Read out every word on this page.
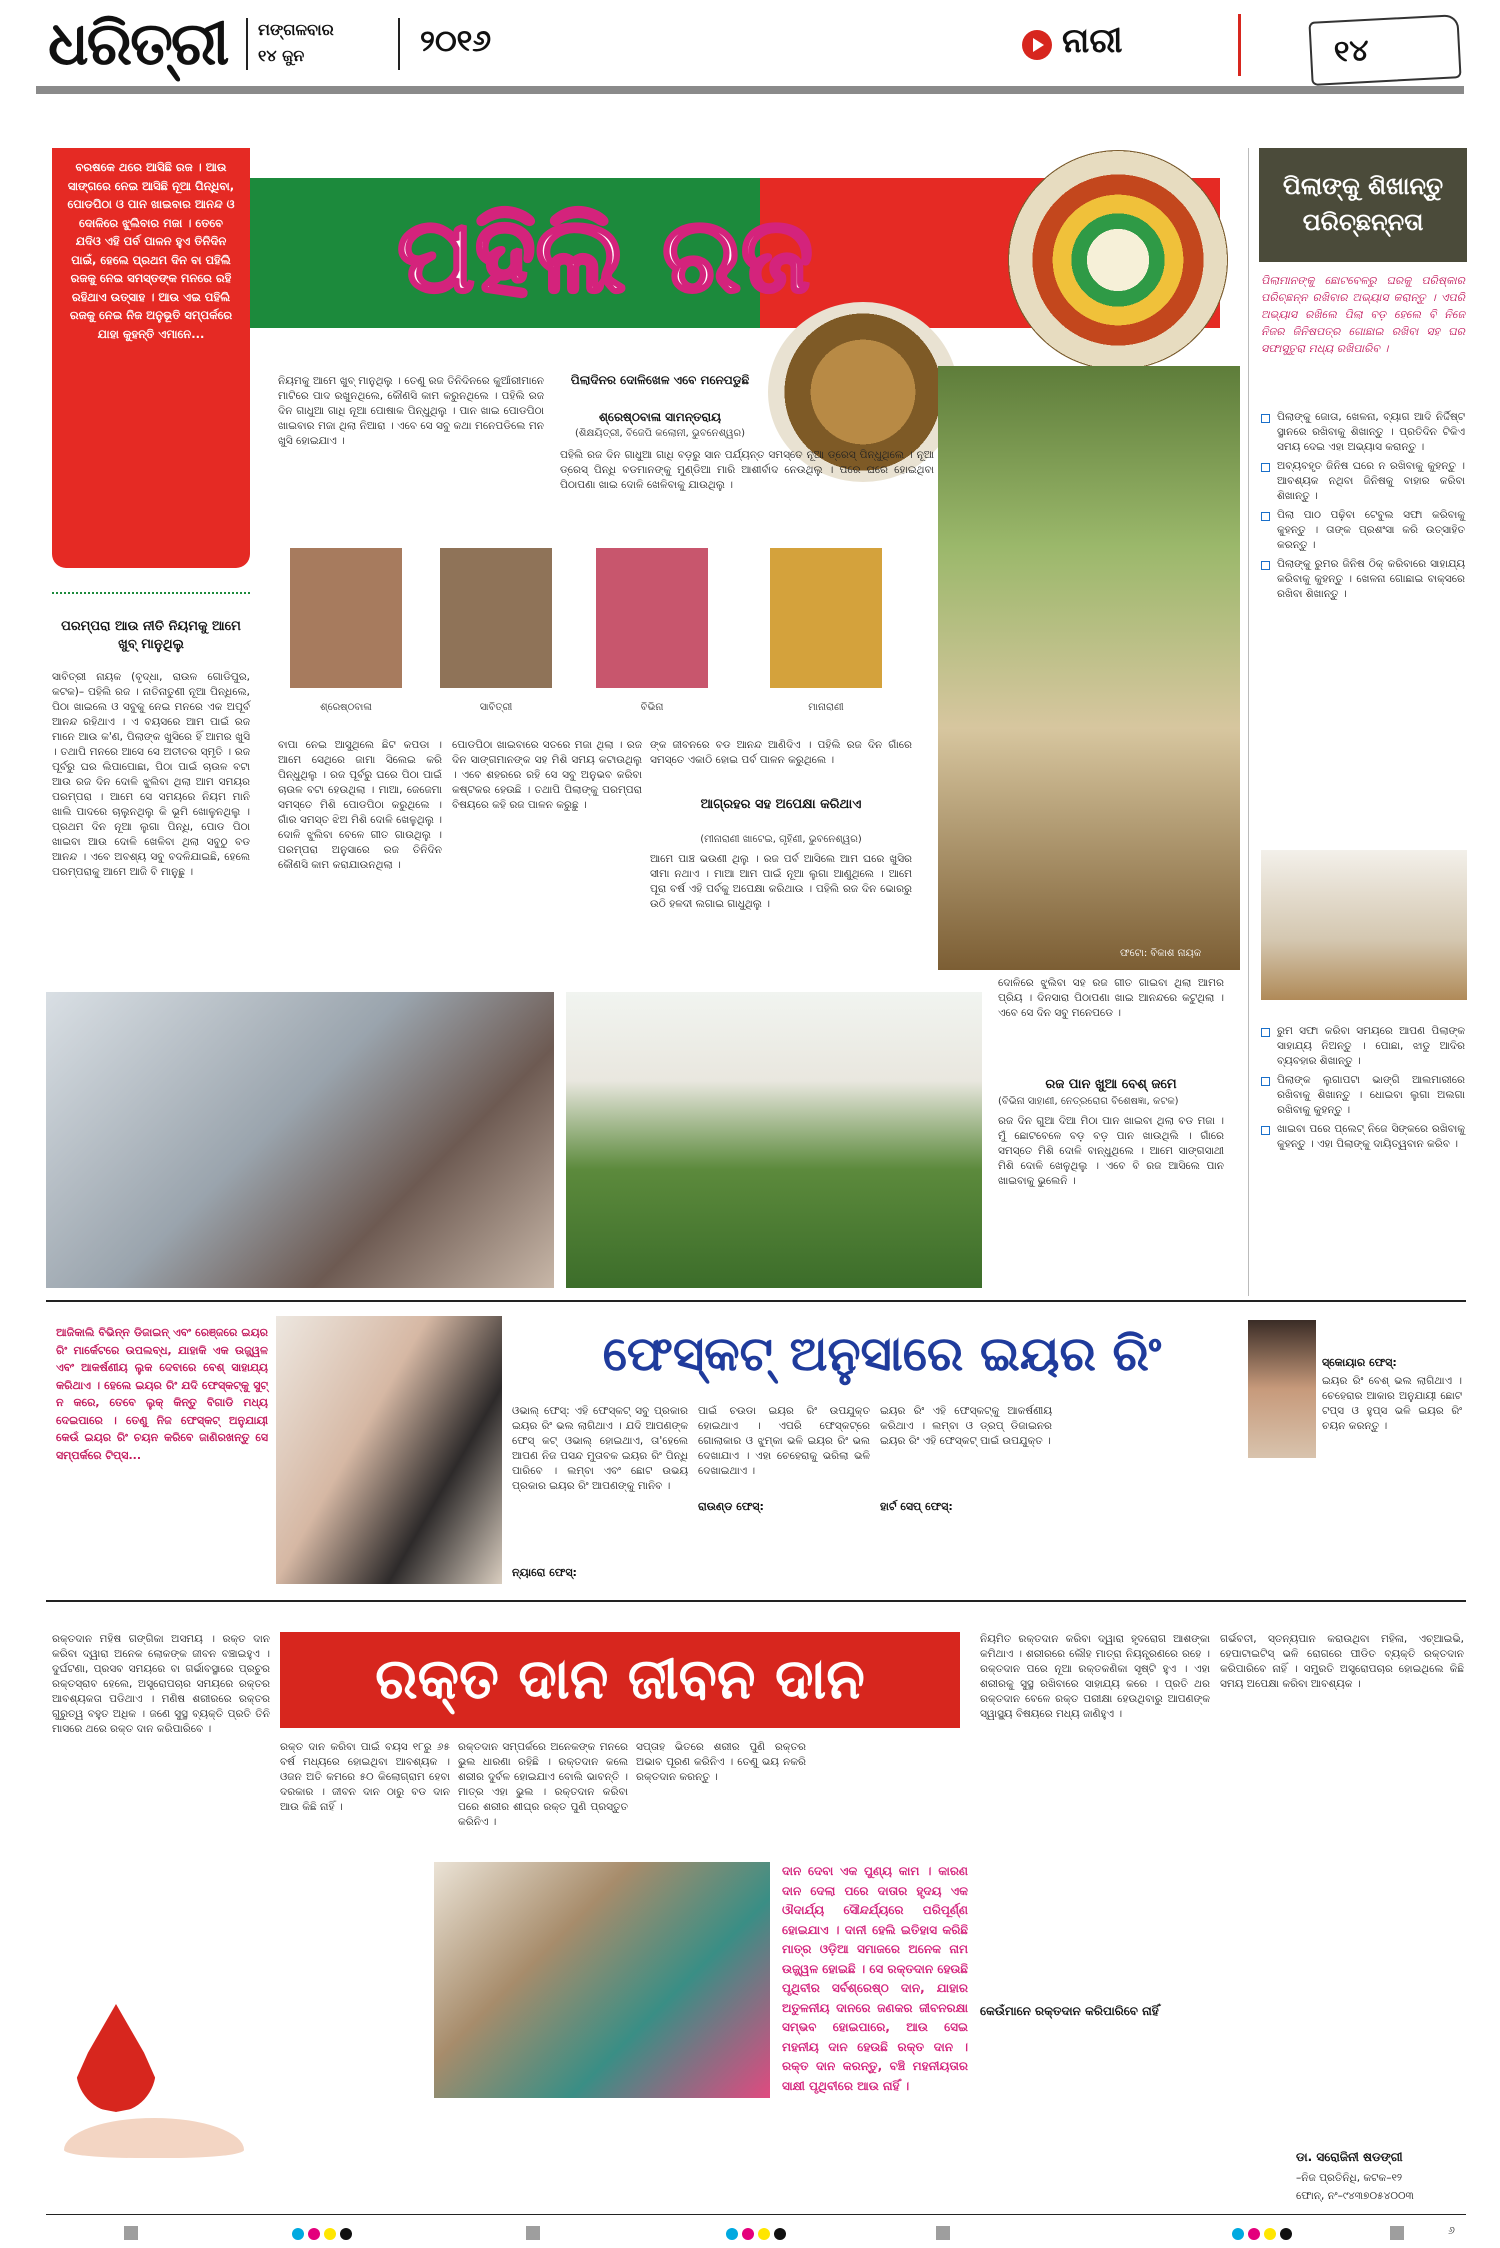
ଧରିତ୍ରୀ	ମଙ୍ଗଳବାର
୧୪ ଜୁନ	୨୦୧୬	ନାରୀ	୧୪
ପହିଲି ରଜ
ବରଷକେ ଥରେ ଆସିଛି ରଜ । ଆଉ ସାଙ୍ଗରେ ନେଇ ଆସିଛି ନୂଆ ପିନ୍ଧିବା, ପୋଡପିଠା ଓ ପାନ ଖାଇବାର ଆନନ୍ଦ ଓ ଦୋଳିରେ ଝୁଲିବାର ମଜା । ତେବେ ଯଦିଓ ଏହି ପର୍ବ ପାଳନ ହୁଏ ତିନିଦିନ ପାଇଁ, ହେଲେ ପ୍ରଥମ ଦିନ ବା ପହିଲି ରଜକୁ ନେଇ ସମସ୍ତଙ୍କ ମନରେ ରହି ରହିଥାଏ ଉତ୍ସାହ । ଆଉ ଏଇ ପହିଲି ରଜକୁ ନେଇ ନିଜ ଅନୁଭୂତି ସମ୍ପର୍କରେ ଯାହା କୁହନ୍ତି ଏମାନେ...
ପରମ୍ପରା ଆଉ ନୀତି ନିୟମକୁ ଆମେ ଖୁବ୍ ମାନୁଥିଲୁ
ସାବିତ୍ରୀ ନାୟକ (ବୃଦ୍ଧା, ରାଉଳ ଗୋଡିପୁର, କଟକ)– ପହିଲି ରଜ । ନାତିନାତୁଣୀ ନୂଆ ପିନ୍ଧିଲେ, ପିଠା ଖାଇଲେ ଓ ସବୁକୁ ନେଇ ମନରେ ଏକ ଅପୂର୍ବ ଆନନ୍ଦ ରହିଥାଏ । ଏ ବୟସରେ ଆମ ପାଇଁ ରଜ ମାନେ ଆଉ କ'ଣ, ପିଲାଙ୍କ ଖୁସିରେ ହିଁ ଆମର ଖୁସି । ତଥାପି ମନରେ ଆସେ ସେ ଅତୀତର ସ୍ମୃତି । ରଜ ପୂର୍ବରୁ ଘର ଲିପାପୋଛା, ପିଠା ପାଇଁ ଚାଉଳ ବଟା ଆଉ ରଜ ଦିନ ଦୋଳି ଝୁଲିବା ଥିଲା ଆମ ସମୟର ପରମ୍ପରା । ଆମେ ସେ ସମୟରେ ନିୟମ ମାନି ଖାଲି ପାଦରେ ଚାଲୁନଥିଲୁ କି ଭୂମି ଖୋଳୁନଥିଲୁ । ପ୍ରଥମ ଦିନ ନୂଆ ଲୁଗା ପିନ୍ଧି, ପୋଡ ପିଠା ଖାଇବା ଆଉ ଦୋଳି ଖେଳିବା ଥିଲା ସବୁଠୁ ବଡ ଆନନ୍ଦ । ଏବେ ଅବଶ୍ୟ ସବୁ ବଦଳିଯାଇଛି, ହେଲେ ପରମ୍ପରାକୁ ଆମେ ଆଜି ବି ମାନୁଛୁ ।
ପିଲାଦିନର ଦୋଳିଖେଳ ଏବେ ମନେପଡୁଛି
ଶ୍ରେଷ୍ଠବାଳା ସାମନ୍ତରାୟ
(ଶିକ୍ଷୟିତ୍ରୀ, ବିଜେପି କଲୋନୀ, ଭୁବନେଶ୍ୱର)
ନିୟମକୁ ଆମେ ଖୁବ୍ ମାନୁଥିଲୁ । ତେଣୁ ରଜ ତିନିଦିନରେ କୁଆଁରୀମାନେ ମାଟିରେ ପାଦ ରଖୁନଥିଲେ, କୌଣସି କାମ କରୁନଥିଲେ । ପହିଲି ରଜ ଦିନ ଗାଧୁଆ ଗାଧି ନୂଆ ପୋଷାକ ପିନ୍ଧୁଥିଲୁ । ପାନ ଖାଇ ପୋଡପିଠା ଖାଇବାର ମଜା ଥିଲା ନିଆରା । ଏବେ ସେ ସବୁ କଥା ମନେପଡିଲେ ମନ ଖୁସି ହୋଇଯାଏ ।
ପହିଲି ରଜ ଦିନ ଗାଧୁଆ ଗାଧି ବଡ଼ରୁ ସାନ ପର୍ଯ୍ୟନ୍ତ ସମସ୍ତେ ନୂଆ ଡ୍ରେସ୍ ପିନ୍ଧୁଥିଲେ । ନୂଆ ଡ୍ରେସ୍ ପିନ୍ଧି ବଡମାନଙ୍କୁ ମୁଣ୍ଡିଆ ମାରି ଆଶୀର୍ବାଦ ନେଉଥିଲୁ । ପରେ ଘରେ ହୋଇଥିବା ପିଠାପଣା ଖାଇ ଦୋଳି ଖେଳିବାକୁ ଯାଉଥିଲୁ ।
ଶ୍ରେଷ୍ଠବାଳା	ସାବିତ୍ରୀ	ବିଭିନା	ମାନାରାଣୀ
ବାପା ନେଇ ଆସୁଥିଲେ ଛିଟ କପଡା । ଆମେ ସେଥିରେ ଜାମା ସିଲେଇ କରି ପିନ୍ଧୁଥିଲୁ । ରଜ ପୂର୍ବରୁ ଘରେ ପିଠା ପାଇଁ ଚାଉଳ ବଟା ହେଉଥିଲା । ମାଆ, ଜେଜେମା ସମସ୍ତେ ମିଶି ପୋଡପିଠା କରୁଥିଲେ । ଗାଁର ସମସ୍ତ ଝିଅ ମିଶି ଦୋଳି ଖେଳୁଥିଲୁ । ଦୋଳି ଝୁଲିବା ବେଳେ ଗୀତ ଗାଉଥିଲୁ । ପରମ୍ପରା ଅନୁସାରେ ରଜ ତିନିଦିନ କୌଣସି କାମ କରାଯାଉନଥିଲା ।
ପୋଡପିଠା ଖାଇବାରେ ସତରେ ମଜା ଥିଲା । ରଜ ଦିନ ସାଙ୍ଗମାନଙ୍କ ସହ ମିଶି ସମୟ କଟାଉଥିଲୁ । ଏବେ ଶହରରେ ରହି ସେ ସବୁ ଅନୁଭବ କରିବା କଷ୍ଟକର ହେଉଛି । ତଥାପି ପିଲାଙ୍କୁ ପରମ୍ପରା ବିଷୟରେ କହି ରଜ ପାଳନ କରୁଛୁ ।
ଙ୍କ ଜୀବନରେ ବଡ ଆନନ୍ଦ ଆଣିଦିଏ । ପହିଲି ରଜ ଦିନ ଗାଁରେ ସମସ୍ତେ ଏକାଠି ହୋଇ ପର୍ବ ପାଳନ କରୁଥିଲେ ।
ଆଗ୍ରହର ସହ ଅପେକ୍ଷା କରିଥାଏ
(ମୀନାରାଣୀ ଖାଟେଇ, ଗୃହିଣୀ, ଭୁବନେଶ୍ୱର)
ଆମେ ପାଞ୍ଚ ଭଉଣୀ ଥିଲୁ । ରଜ ପର୍ବ ଆସିଲେ ଆମ ଘରେ ଖୁସିର ସୀମା ନଥାଏ । ମାଆ ଆମ ପାଇଁ ନୂଆ ଲୁଗା ଆଣୁଥିଲେ । ଆମେ ପୂରା ବର୍ଷ ଏହି ପର୍ବକୁ ଅପେକ୍ଷା କରିଥାଉ । ପହିଲି ରଜ ଦିନ ଭୋରରୁ ଉଠି ହଳଦୀ ଲଗାଇ ଗାଧୁଥିଲୁ ।
ଫଟୋ: ବିକାଶ ନାୟକ
ଦୋଳିରେ ଝୁଲିବା ସହ ରଜ ଗୀତ ଗାଇବା ଥିଲା ଆମର ପ୍ରିୟ । ଦିନସାରା ପିଠାପଣା ଖାଇ ଆନନ୍ଦରେ କଟୁଥିଲା । ଏବେ ସେ ଦିନ ସବୁ ମନେପଡେ ।
ରଜ ପାନ ଖୁଆ ବେଶ୍ ଜମେ
(ବିଭିନା ସାହାଣୀ, ନେତ୍ରରୋଗ ବିଶେଷଜ୍ଞା, କଟକ)
ରଜ ଦିନ ଗୁଆ ଦିଆ ମିଠା ପାନ ଖାଇବା ଥିଲା ବଡ ମଜା । ମୁଁ ଛୋଟବେଳେ ବଡ଼ ବଡ଼ ପାନ ଖାଉଥିଲି । ଗାଁରେ ସମସ୍ତେ ମିଶି ଦୋଳି ବାନ୍ଧୁଥିଲେ । ଆମେ ସାଙ୍ଗସାଥୀ ମିଶି ଦୋଳି ଖେଳୁଥିଲୁ । ଏବେ ବି ରଜ ଆସିଲେ ପାନ ଖାଇବାକୁ ଭୁଲେନି ।
ପିଲାଙ୍କୁ ଶିଖାନ୍ତୁ ପରିଚ୍ଛନ୍ନତା
ପିଲାମାନଙ୍କୁ ଛୋଟବେଳରୁ ଘରକୁ ପରିଷ୍କାର ପରିଚ୍ଛନ୍ନ ରଖିବାର ଅଭ୍ୟାସ କରାନ୍ତୁ । ଏପରି ଅଭ୍ୟାସ ରଖିଲେ ପିଲା ବଡ଼ ହେଲେ ବି ନିଜେ ନିଜର ଜିନିଷପତ୍ର ଗୋଛାଇ ରଖିବା ସହ ଘର ସଫାସୁତୁରା ମଧ୍ୟ ରଖିପାରିବ ।
ପିଲାଙ୍କୁ ଜୋତା, ଖେଳନା, ବ୍ୟାଗ ଆଦି ନିର୍ଦ୍ଦିଷ୍ଟ ସ୍ଥାନରେ ରଖିବାକୁ ଶିଖାନ୍ତୁ । ପ୍ରତିଦିନ ଟିକିଏ ସମୟ ଦେଇ ଏହା ଅଭ୍ୟାସ କରାନ୍ତୁ ।
ଅବ୍ୟବହୃତ ଜିନିଷ ଘରେ ନ ରଖିବାକୁ କୁହନ୍ତୁ । ଆବଶ୍ୟକ ନଥିବା ଜିନିଷକୁ ବାହାର କରିବା ଶିଖାନ୍ତୁ ।
ପିଲା ପାଠ ପଢ଼ିବା ଟେବୁଲ ସଫା କରିବାକୁ କୁହନ୍ତୁ । ତାଙ୍କ ପ୍ରଶଂସା କରି ଉତ୍ସାହିତ କରନ୍ତୁ ।
ପିଲାଙ୍କୁ ରୁମର ଜିନିଷ ଠିକ୍ କରିବାରେ ସାହାଯ୍ୟ କରିବାକୁ କୁହନ୍ତୁ । ଖେଳନା ଗୋଛାଇ ବାକ୍ସରେ ରଖିବା ଶିଖାନ୍ତୁ ।
ରୁମ ସଫା କରିବା ସମୟରେ ଆପଣ ପିଲାଙ୍କ ସାହାଯ୍ୟ ନିଅନ୍ତୁ । ପୋଛା, ଝାଡୁ ଆଦିର ବ୍ୟବହାର ଶିଖାନ୍ତୁ ।
ପିଲାଙ୍କ ଲୁଗାପଟା ଭାଙ୍ଗି ଆଲମାରୀରେ ରଖିବାକୁ ଶିଖାନ୍ତୁ । ଧୋଇବା ଲୁଗା ଅଲଗା ରଖିବାକୁ କୁହନ୍ତୁ ।
ଖାଇବା ପରେ ପ୍ଲେଟ୍ ନିଜେ ସିଙ୍କରେ ରଖିବାକୁ କୁହନ୍ତୁ । ଏହା ପିଲାଙ୍କୁ ଦାୟିତ୍ୱବାନ କରିବ ।
ଆଜିକାଲି ବିଭିନ୍ନ ଡିଜାଇନ୍ ଏବଂ ରେଞ୍ଜରେ ଇୟର ରିଂ ମାର୍କେଟରେ ଉପଲବ୍ଧ, ଯାହାକି ଏକ ଉଜ୍ଜ୍ୱଳ ଏବଂ ଆକର୍ଷଣୀୟ ଲୁକ ଦେବାରେ ବେଶ୍ ସାହାଯ୍ୟ କରିଥାଏ । ହେଲେ ଇୟର ରିଂ ଯଦି ଫେସ୍‌କଟ୍‌କୁ ସୁଟ୍ ନ କରେ, ତେବେ ଲୁକ୍ କିନ୍ତୁ ବିଗାଡି ମଧ୍ୟ ଦେଇପାରେ । ତେଣୁ ନିଜ ଫେସ୍‌କଟ୍ ଅନୁଯାୟୀ କେଉଁ ଇୟର ରିଂ ଚୟନ କରିବେ ଜାଣିରଖନ୍ତୁ ସେ ସମ୍ପର୍କରେ ଟିପ୍ସ...
ଫେସ୍‌କଟ୍ ଅନୁସାରେ ଇୟର ରିଂ
ଓଭାଲ୍ ଫେସ୍: ଏହି ଫେସ୍‌କଟ୍ ସବୁ ପ୍ରକାର ଇୟର ରିଂ ଭଲ ଲାଗିଥାଏ । ଯଦି ଆପଣଙ୍କ ଫେସ୍ କଟ୍ ଓଭାଲ୍ ହୋଇଥାଏ, ତା'ହେଲେ ଆପଣ ନିଜ ପସନ୍ଦ ମୁତାବକ ଇୟର ରିଂ ପିନ୍ଧି ପାରିବେ । ଲମ୍ବା ଏବଂ ଛୋଟ ଉଭୟ ପ୍ରକାର ଇୟର ରିଂ ଆପଣଙ୍କୁ ମାନିବ ।
ନ୍ୟାରୋ ଫେସ୍:
ପାଇଁ ଚଉଡା ଇୟର ରିଂ ଉପଯୁକ୍ତ ହୋଇଥାଏ । ଏପରି ଫେସ୍‌କଟ୍‌ରେ ଗୋଲାକାର ଓ ଝୁମ୍‌କା ଭଳି ଇୟର ରିଂ ଭଲ ଦେଖାଯାଏ । ଏହା ଚେହେରାକୁ ଭରିଲା ଭଳି ଦେଖାଇଥାଏ ।
ରାଉଣ୍ଡ ଫେସ୍:
ଇୟର ରିଂ ଏହି ଫେସ୍‌କଟ୍‌କୁ ଆକର୍ଷଣୀୟ କରିଥାଏ । ଲମ୍ବା ଓ ଡ୍ରପ୍ ଡିଜାଇନର ଇୟର ରିଂ ଏହି ଫେସ୍‌କଟ୍ ପାଇଁ ଉପଯୁକ୍ତ ।
ହାର୍ଟ ସେପ୍ ଫେସ୍:
ସ୍କୋୟାର ଫେସ୍:
ଇୟର ରିଂ ବେଶ୍ ଭଲ ଲାଗିଥାଏ । ଚେହେରାର ଆକାର ଅନୁଯାୟୀ ଛୋଟ ଟପ୍ସ ଓ ହୁପ୍ସ ଭଳି ଇୟର ରିଂ ଚୟନ କରନ୍ତୁ ।
ରକ୍ତ ଦାନ ଜୀବନ ଦାନ
ରକ୍ତଦାନ ମହିଷ ଗଙ୍ଗିକା ଅସମୟ । ରକ୍ତ ଦାନ କରିବା ଦ୍ୱାରା ଅନେକ ଲୋକଙ୍କ ଜୀବନ ବଞ୍ଚାଇହୁଏ । ଦୁର୍ଘଟଣା, ପ୍ରସବ ସମୟରେ ବା ଗର୍ଭାବସ୍ଥାରେ ପ୍ରଚୁର ରକ୍ତସ୍ରାବ ହେଲେ, ଅସ୍ତ୍ରୋପଚାର ସମୟରେ ରକ୍ତର ଆବଶ୍ୟକତା ପଡିଥାଏ । ମଣିଷ ଶରୀରରେ ରକ୍ତର ଗୁରୁତ୍ୱ ବହୁତ ଅଧିକ । ଜଣେ ସୁସ୍ଥ ବ୍ୟକ୍ତି ପ୍ରତି ତିନି ମାସରେ ଥରେ ରକ୍ତ ଦାନ କରିପାରିବେ ।
ରକ୍ତ ଦାନ କରିବା ପାଇଁ ବୟସ ୧୮ରୁ ୬୫ ବର୍ଷ ମଧ୍ୟରେ ହୋଇଥିବା ଆବଶ୍ୟକ । ଓଜନ ଅତି କମରେ ୫୦ କିଲୋଗ୍ରାମ ହେବା ଦରକାର । ଜୀବନ ଦାନ ଠାରୁ ବଡ ଦାନ ଆଉ କିଛି ନାହିଁ ।
ରକ୍ତଦାନ ସମ୍ପର୍କରେ ଅନେକଙ୍କ ମନରେ ଭୁଲ ଧାରଣା ରହିଛି । ରକ୍ତଦାନ କଲେ ଶରୀର ଦୁର୍ବଳ ହୋଇଯାଏ ବୋଲି ଭାବନ୍ତି । ମାତ୍ର ଏହା ଭୁଲ । ରକ୍ତଦାନ କରିବା ପରେ ଶରୀର ଶୀଘ୍ର ରକ୍ତ ପୁଣି ପ୍ରସ୍ତୁତ କରିନିଏ ।
ସପ୍ତାହ ଭିତରେ ଶରୀର ପୁଣି ରକ୍ତର ଅଭାବ ପୂରଣ କରିନିଏ । ତେଣୁ ଭୟ ନକରି ରକ୍ତଦାନ କରନ୍ତୁ ।
ଦାନ ଦେବା ଏକ ପୁଣ୍ୟ କାମ । କାରଣ ଦାନ ଦେଲା ପରେ ଦାତାର ହୃଦୟ ଏକ ଔଦାର୍ଯ୍ୟ ସୌନ୍ଦର୍ଯ୍ୟରେ ପରିପୂର୍ଣ୍ଣ ହୋଇଯାଏ । ଦାନୀ ହେଲି ଇତିହାସ କରିଛି ମାତ୍ର ଓଡ଼ିଆ ସମାଜରେ ଅନେକ ନାମ ଉଜ୍ଜ୍ୱଳ ହୋଇଛି । ସେ ରକ୍ତଦାନ ହେଉଛି ପୃଥିବୀର ସର୍ବଶ୍ରେଷ୍ଠ ଦାନ, ଯାହାର ଅତୁଳନୀୟ ଦାନରେ ଜଣକର ଜୀବନରକ୍ଷା ସମ୍ଭବ ହୋଇପାରେ, ଆଉ ସେଇ ମହନୀୟ ଦାନ ହେଉଛି ରକ୍ତ ଦାନ । ରକ୍ତ ଦାନ କରନ୍ତୁ, ବଞ୍ଚି ମହନୀୟତାର ସାକ୍ଷୀ ପୃଥିବୀରେ ଆଉ ନାହିଁ ।
ନିୟମିତ ରକ୍ତଦାନ କରିବା ଦ୍ୱାରା ହୃଦରୋଗ ଆଶଙ୍କା କମିଥାଏ । ଶରୀରରେ ଲୌହ ମାତ୍ରା ନିୟନ୍ତ୍ରଣରେ ରହେ । ରକ୍ତଦାନ ପରେ ନୂଆ ରକ୍ତକଣିକା ସୃଷ୍ଟି ହୁଏ । ଏହା ଶରୀରକୁ ସୁସ୍ଥ ରଖିବାରେ ସାହାଯ୍ୟ କରେ । ପ୍ରତି ଥର ରକ୍ତଦାନ ବେଳେ ରକ୍ତ ପରୀକ୍ଷା ହେଉଥିବାରୁ ଆପଣଙ୍କ ସ୍ୱାସ୍ଥ୍ୟ ବିଷୟରେ ମଧ୍ୟ ଜାଣିହୁଏ ।
କେଉଁମାନେ ରକ୍ତଦାନ କରିପାରିବେ ନାହିଁ
ଗର୍ଭବତୀ, ସ୍ତନ୍ୟପାନ କରାଉଥିବା ମହିଳା, ଏଚ୍‌ଆଇଭି, ହେପାଟାଇଟିସ୍ ଭଳି ରୋଗରେ ପୀଡିତ ବ୍ୟକ୍ତି ରକ୍ତଦାନ କରିପାରିବେ ନାହିଁ । ସମ୍ପ୍ରତି ଅସ୍ତ୍ରୋପଚାର ହୋଇଥିଲେ କିଛି ସମୟ ଅପେକ୍ଷା କରିବା ଆବଶ୍ୟକ ।
ଡା. ସରୋଜିନୀ ଷଡଙ୍ଗୀ
–ନିଜ ପ୍ରତିନିଧି, କଟକ–୧୨
ଫୋନ୍, ନଂ–୯୪୩୭୦୫୪୦୦୩
୬
